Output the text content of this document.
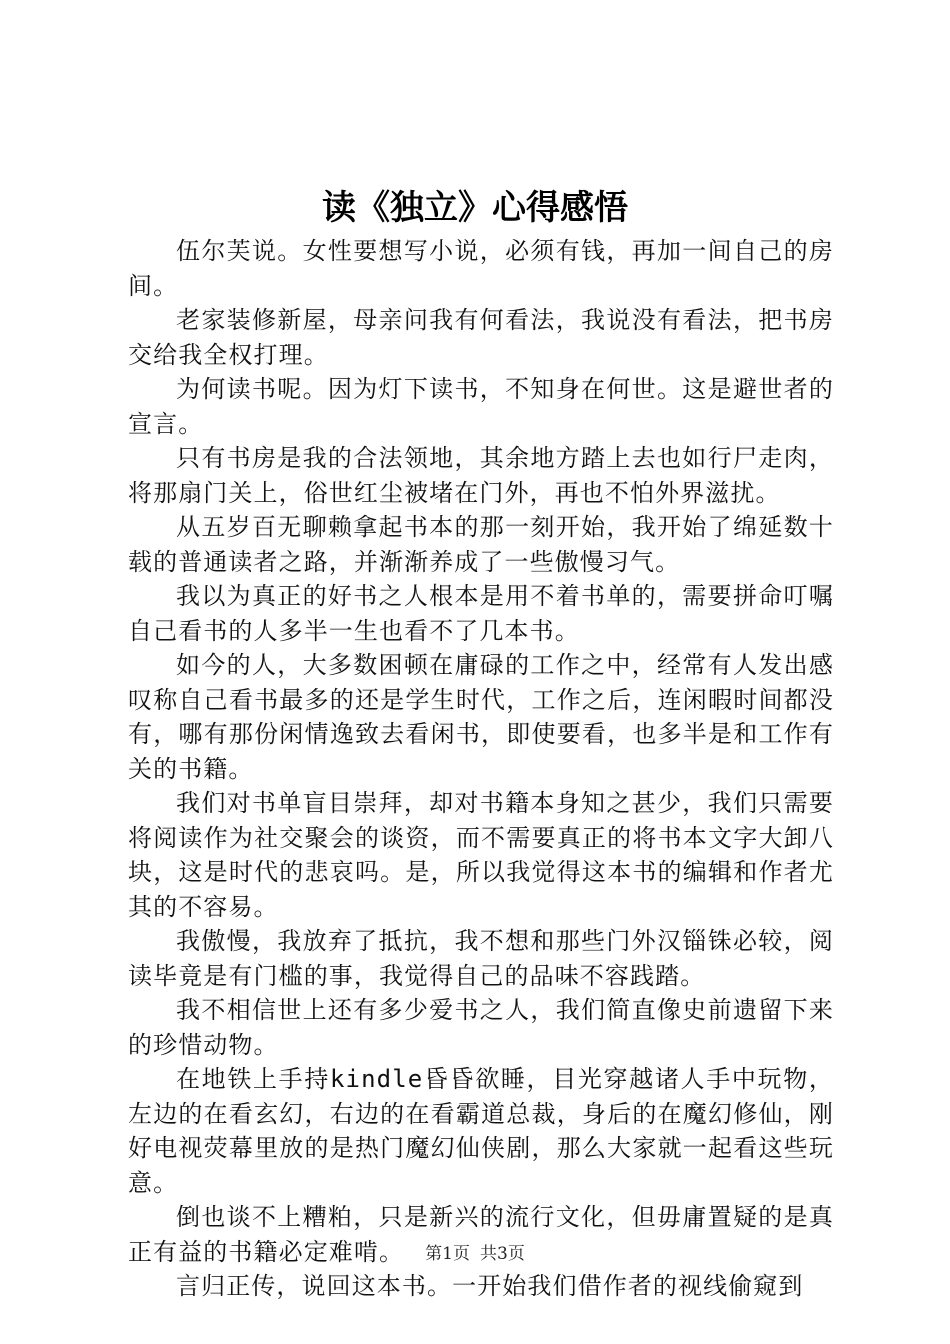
读《独立》心得感悟

伍尔芙说。女性要想写小说，必须有钱，再加一间自己的房间。

老家装修新屋，母亲问我有何看法，我说没有看法，把书房交给我全权打理。

为何读书呢。因为灯下读书，不知身在何世。这是避世者的宣言。

只有书房是我的合法领地，其余地方踏上去也如行尸走肉，将那扇门关上，俗世红尘被堵在门外，再也不怕外界滋扰。

从五岁百无聊赖拿起书本的那一刻开始，我开始了绵延数十载的普通读者之路，并渐渐养成了一些傲慢习气。

我以为真正的好书之人根本是用不着书单的，需要拼命叮嘱自己看书的人多半一生也看不了几本书。

如今的人，大多数困顿在庸碌的工作之中，经常有人发出感叹称自己看书最多的还是学生时代，工作之后，连闲暇时间都没有，哪有那份闲情逸致去看闲书，即使要看，也多半是和工作有关的书籍。

我们对书单盲目崇拜，却对书籍本身知之甚少，我们只需要将阅读作为社交聚会的谈资，而不需要真正的将书本文字大卸八块，这是时代的悲哀吗。是，所以我觉得这本书的编辑和作者尤其的不容易。

我傲慢，我放弃了抵抗，我不想和那些门外汉锱铢必较，阅读毕竟是有门槛的事，我觉得自己的品味不容践踏。

我不相信世上还有多少爱书之人，我们简直像史前遗留下来的珍惜动物。

在地铁上手持kindle昏昏欲睡，目光穿越诸人手中玩物，左边的在看玄幻，右边的在看霸道总裁，身后的在魔幻修仙，刚好电视荧幕里放的是热门魔幻仙侠剧，那么大家就一起看这些玩意。

倒也谈不上糟粕，只是新兴的流行文化，但毋庸置疑的是真正有益的书籍必定难啃。

言归正传，说回这本书。一开始我们借作者的视线偷窥到

第1页 共3页
